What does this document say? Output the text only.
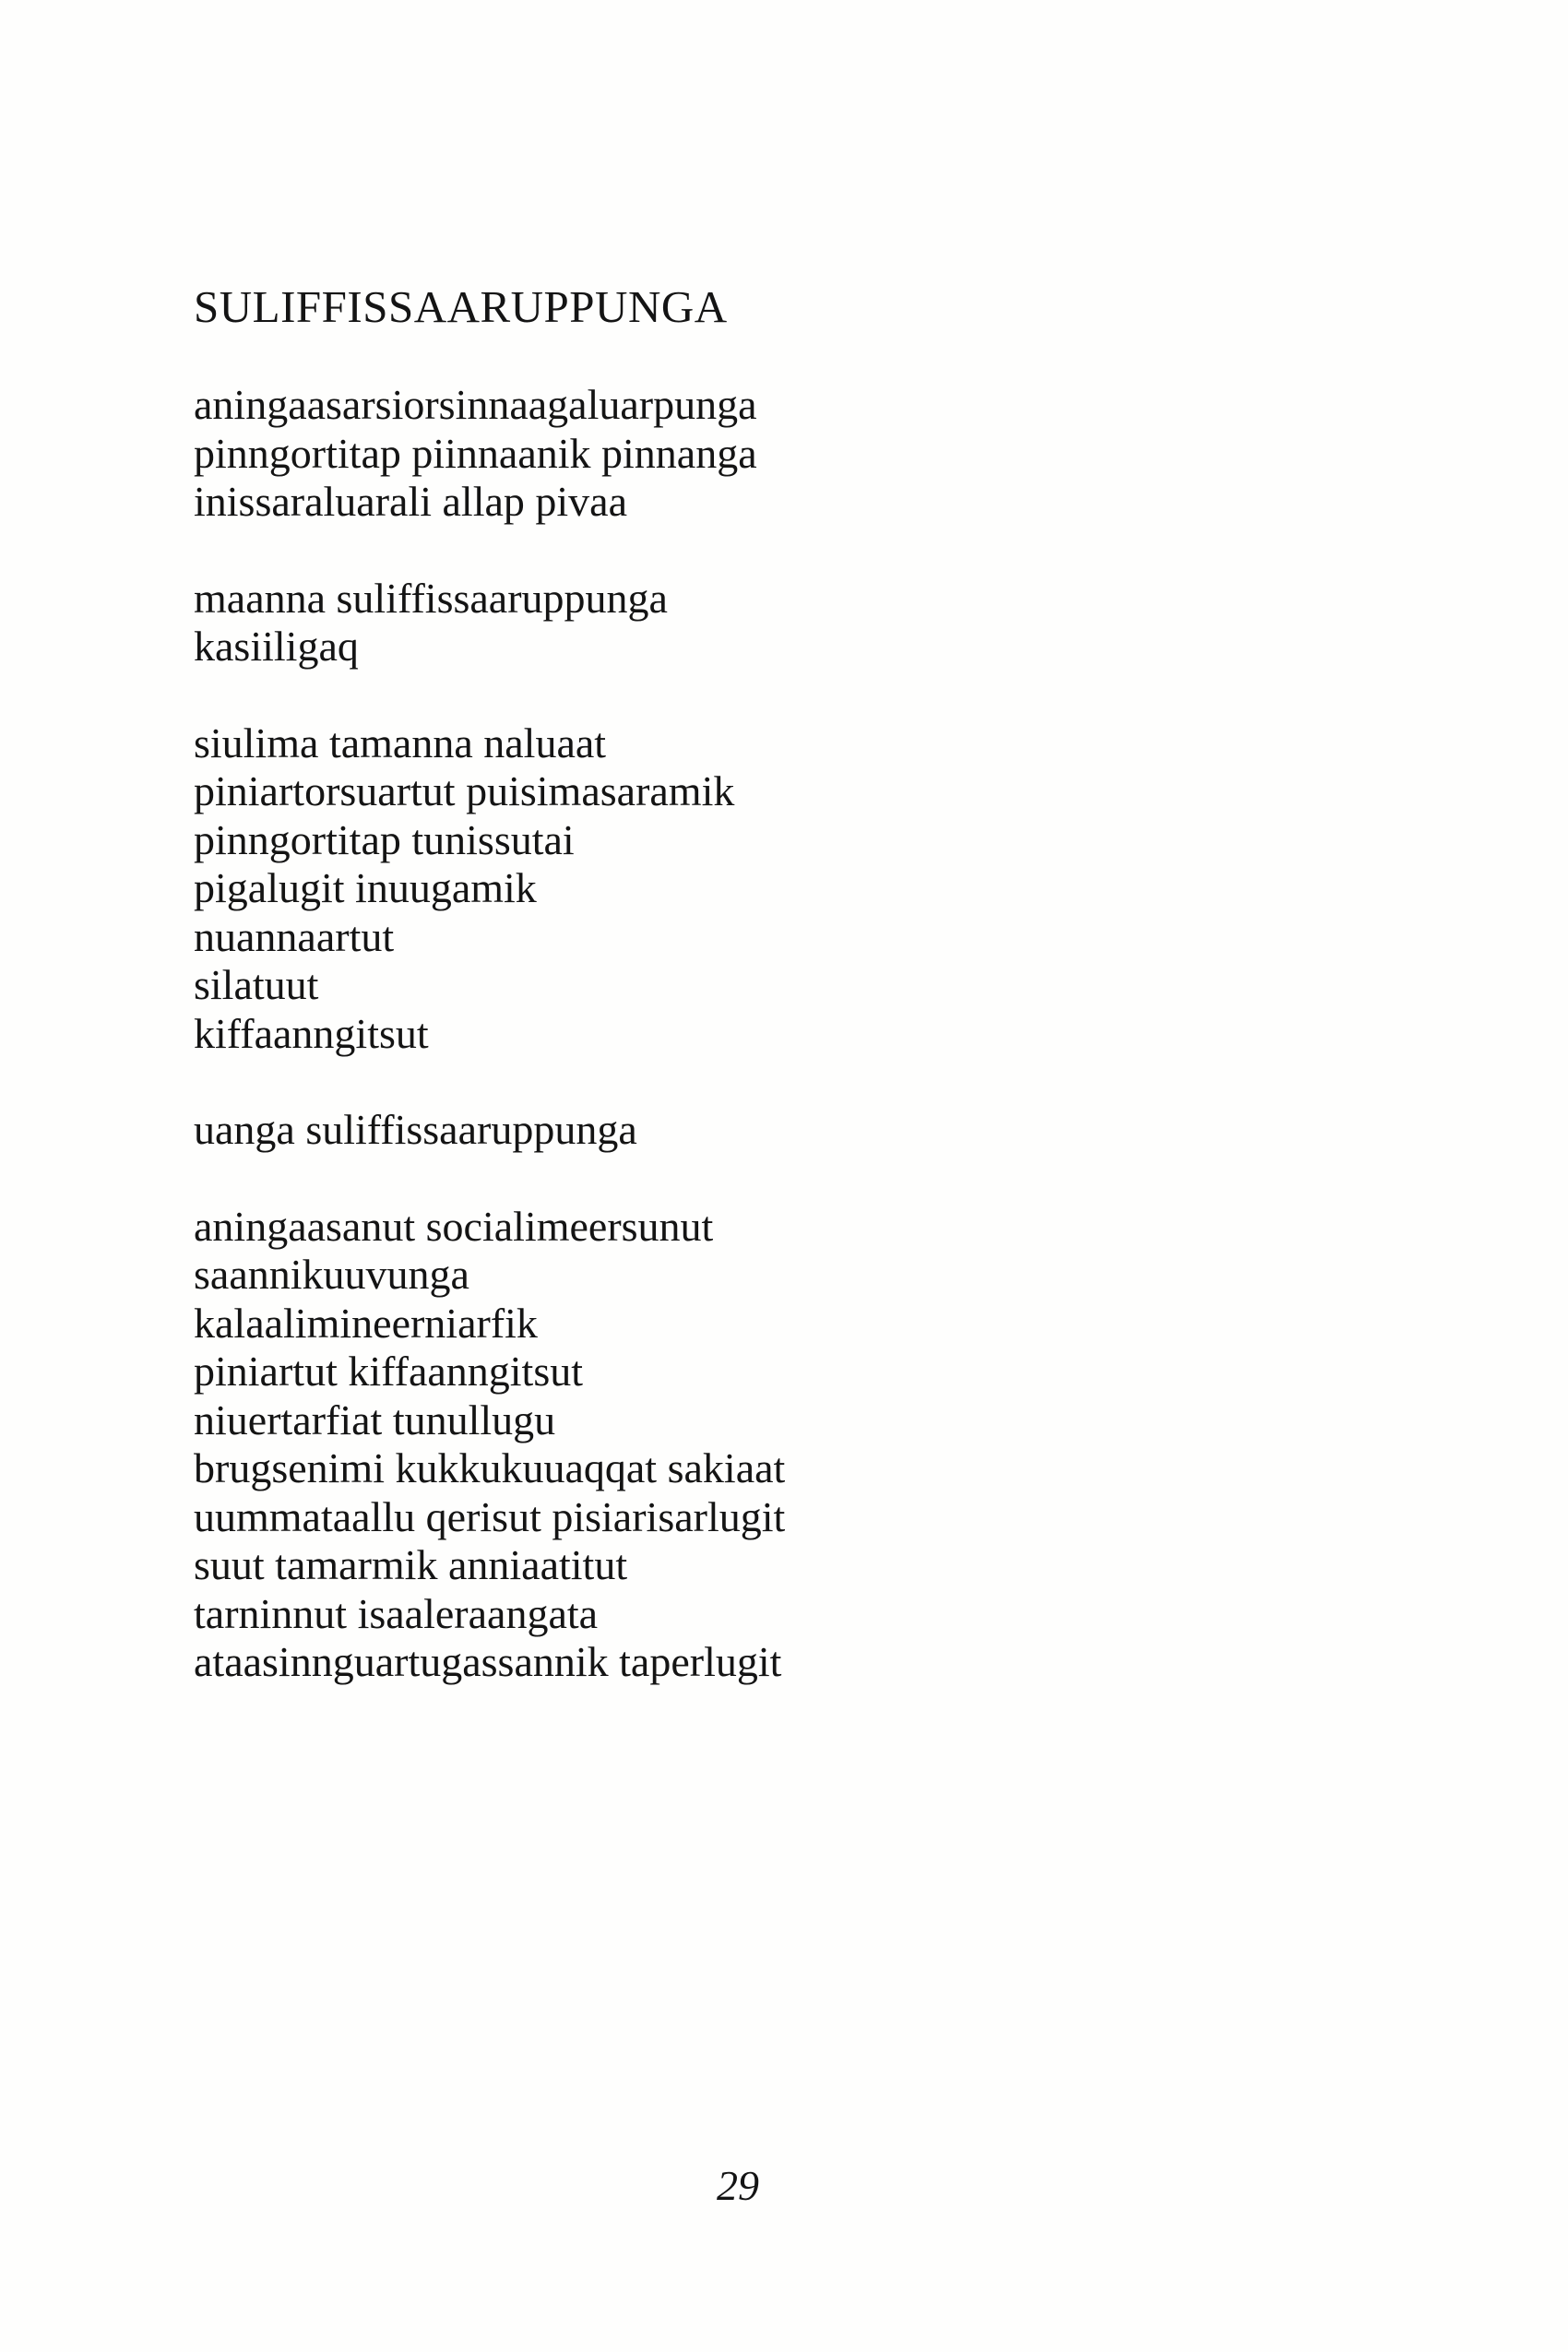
SULIFFISSAARUPPUNGA
aningaasarsiorsinnaagaluarpunga
pinngortitap piinnaanik pinnanga
inissaraluarali allap pivaa
maanna suliffissaaruppunga
kasiiligaq
siulima tamanna naluaat
piniartorsuartut puisimasaramik
pinngortitap tunissutai
pigalugit inuugamik
nuannaartut
silatuut
kiffaanngitsut
uanga suliffissaaruppunga
aningaasanut socialimeersunut
saannikuuvunga
kalaalimineerniarfik
piniartut kiffaanngitsut
niuertarfiat tunullugu
brugsenimi kukkukuuaqqat sakiaat
uummataallu qerisut pisiarisarlugit
suut tamarmik anniaatitut
tarninnut isaaleraangata
ataasinnguartugassannik taperlugit
29
